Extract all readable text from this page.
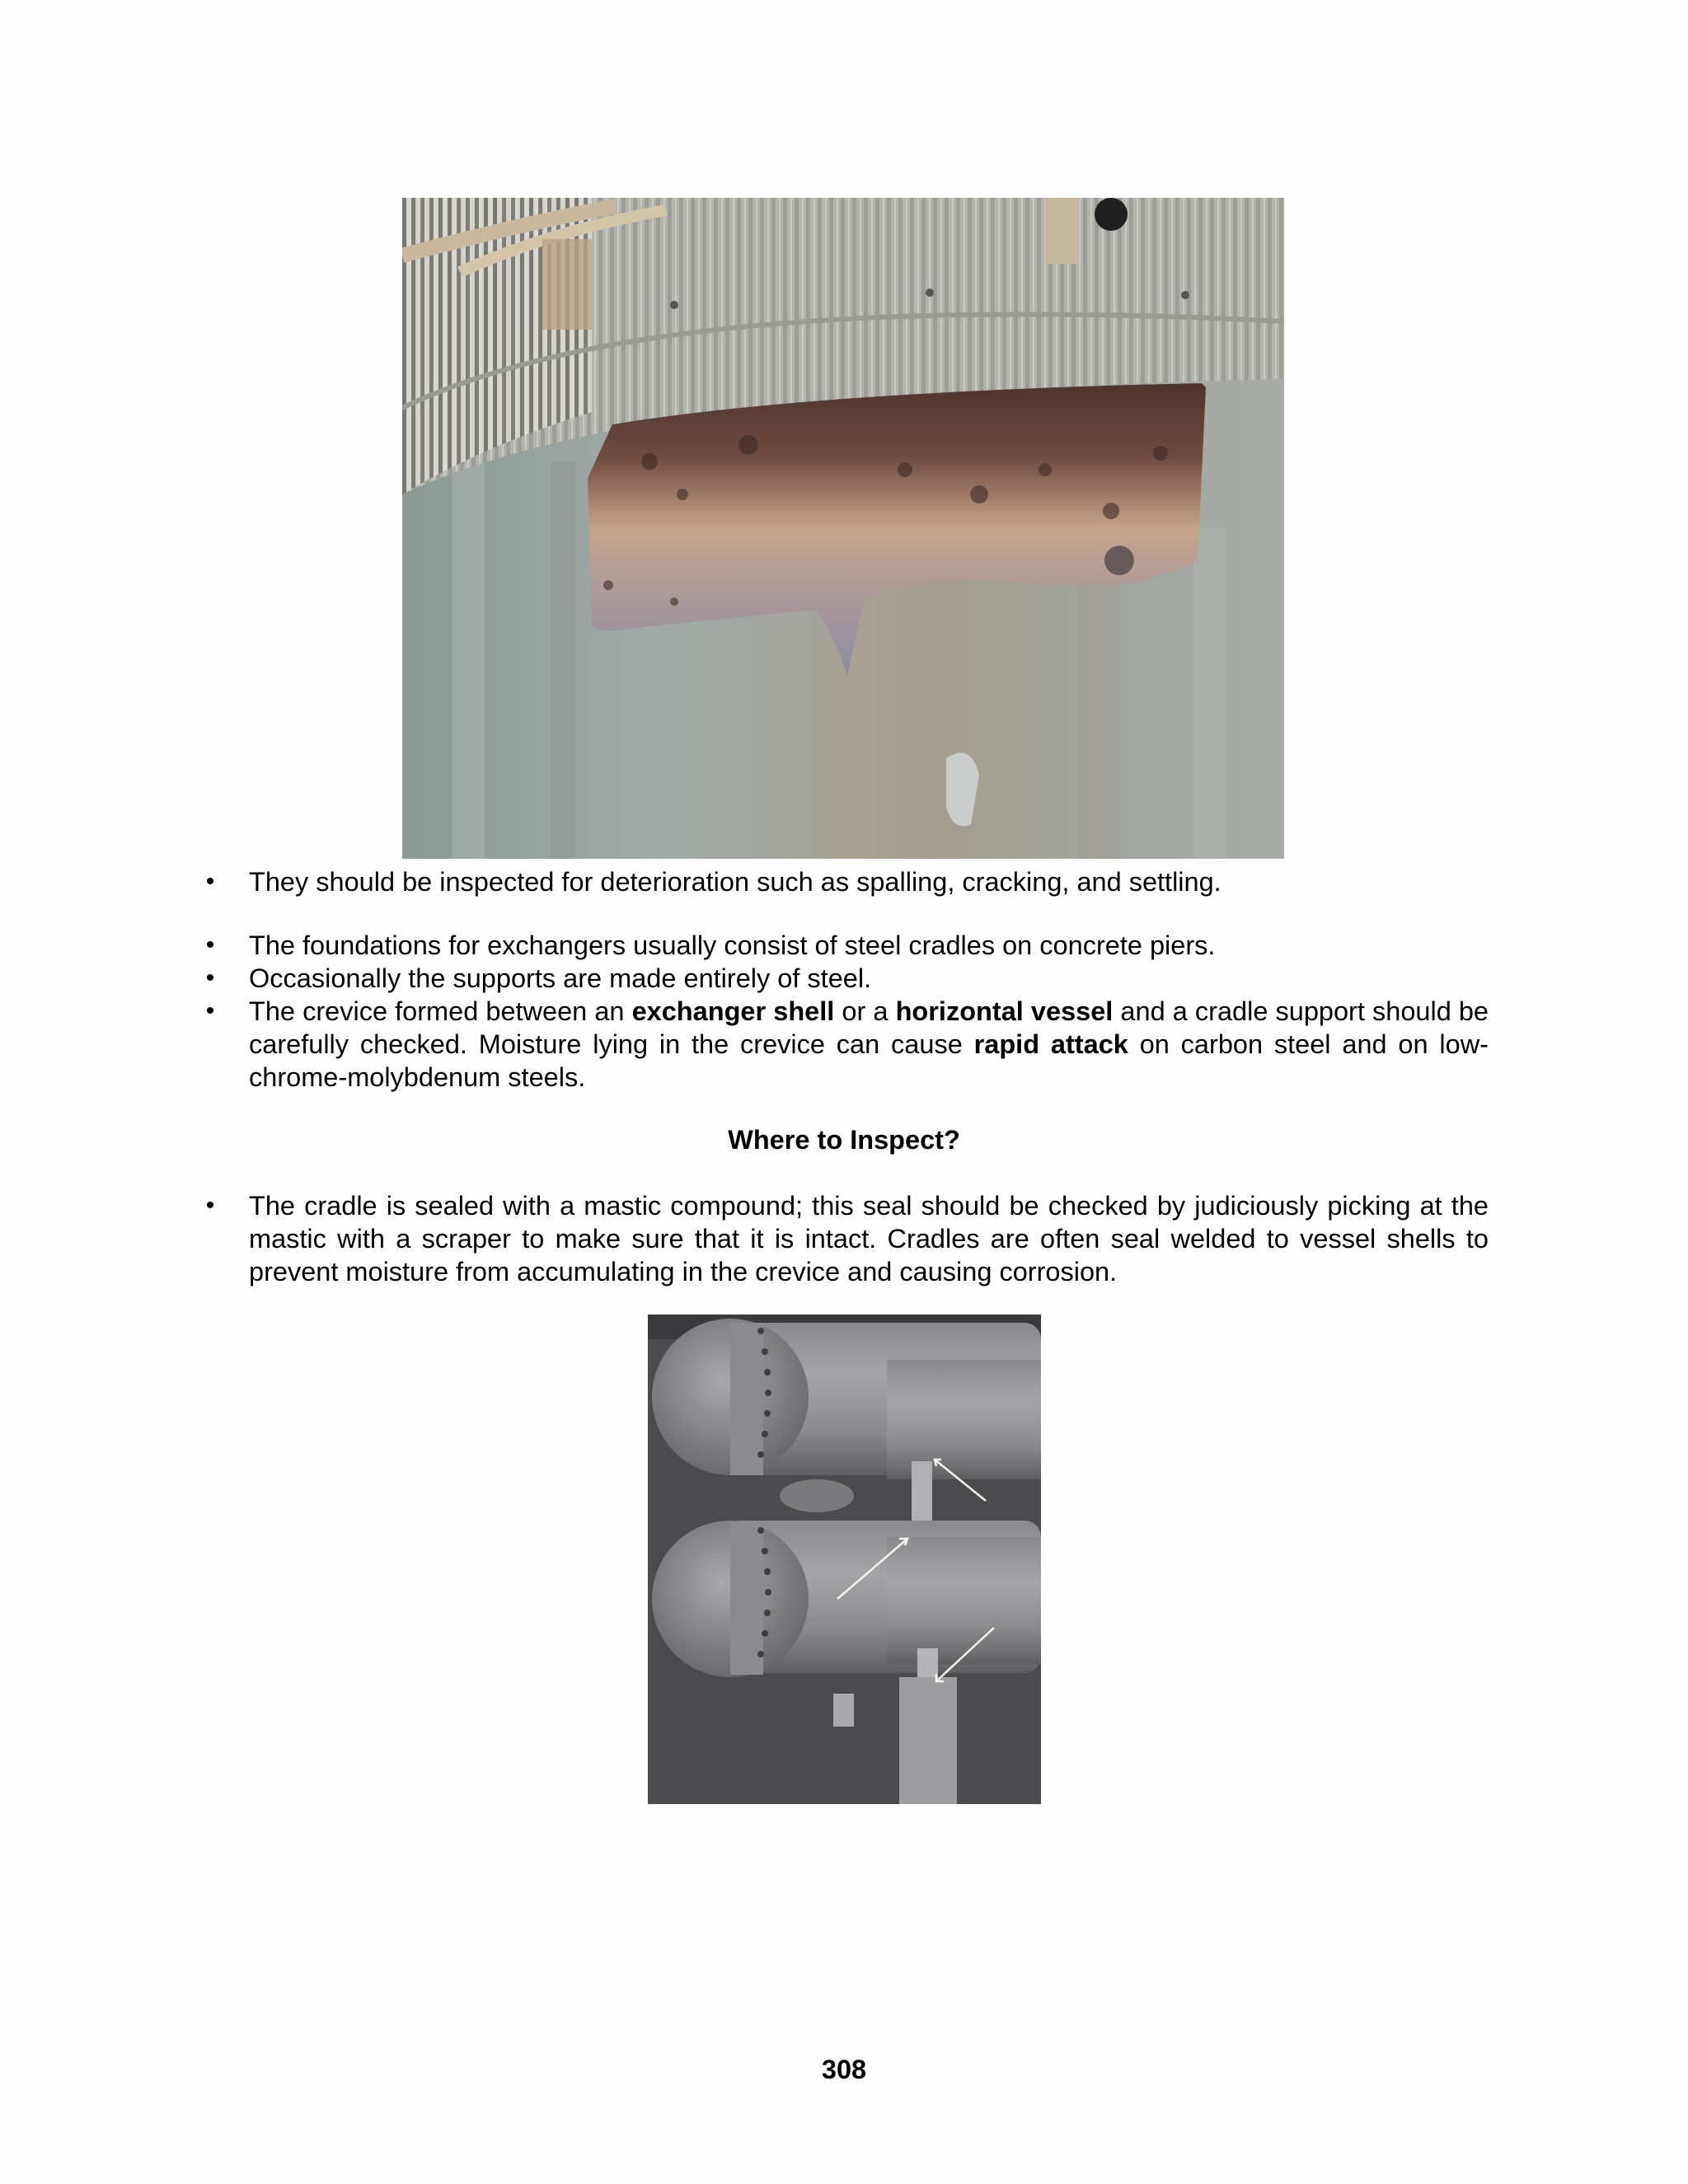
•	They should be inspected for deterioration such as spalling, cracking, and settling.
•	The foundations for exchangers usually consist of steel cradles on concrete piers.
•	Occasionally the supports are made entirely of steel.
•	The crevice formed between an exchanger shell or a horizontal vessel and a cradle support should be carefully checked. Moisture lying in the crevice can cause rapid attack on carbon steel and on low-chrome-molybdenum steels.
•	The cradle is sealed with a mastic compound; this seal should be checked by judiciously picking at the mastic with a scraper to make sure that it is intact. Cradles are often seal welded to vessel shells to prevent moisture from accumulating in the crevice and causing corrosion.
Where to Inspect?
308
